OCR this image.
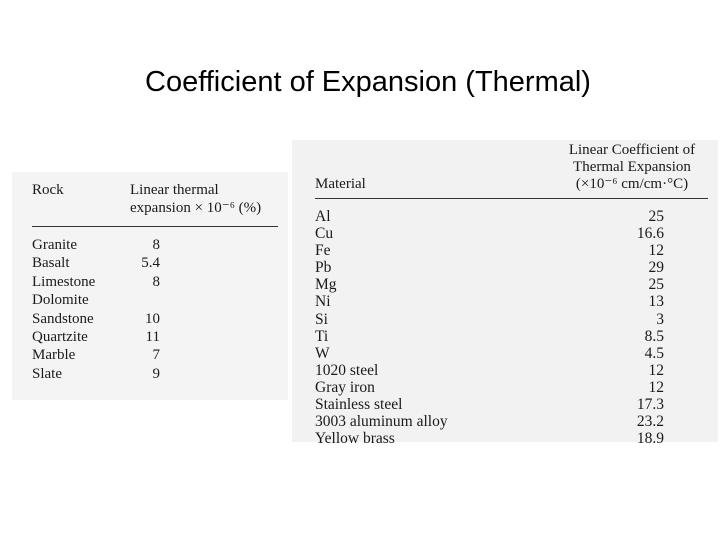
Coefficient of Expansion (Thermal)
Rock	Linear thermal
expansion × 10⁻⁶ (%)
Granite	8
Basalt	5.4
Limestone	8
Dolomite
Sandstone	10
Quartzite	11
Marble	7
Slate	9
Material
Linear Coefficient of
Thermal Expansion
(×10⁻⁶ cm/cm·°C)
Al	25
Cu	16.6
Fe	12
Pb	29
Mg	25
Ni	13
Si	3
Ti	8.5
W	4.5
1020 steel	12
Gray iron	12
Stainless steel	17.3
3003 aluminum alloy	23.2
Yellow brass	18.9
